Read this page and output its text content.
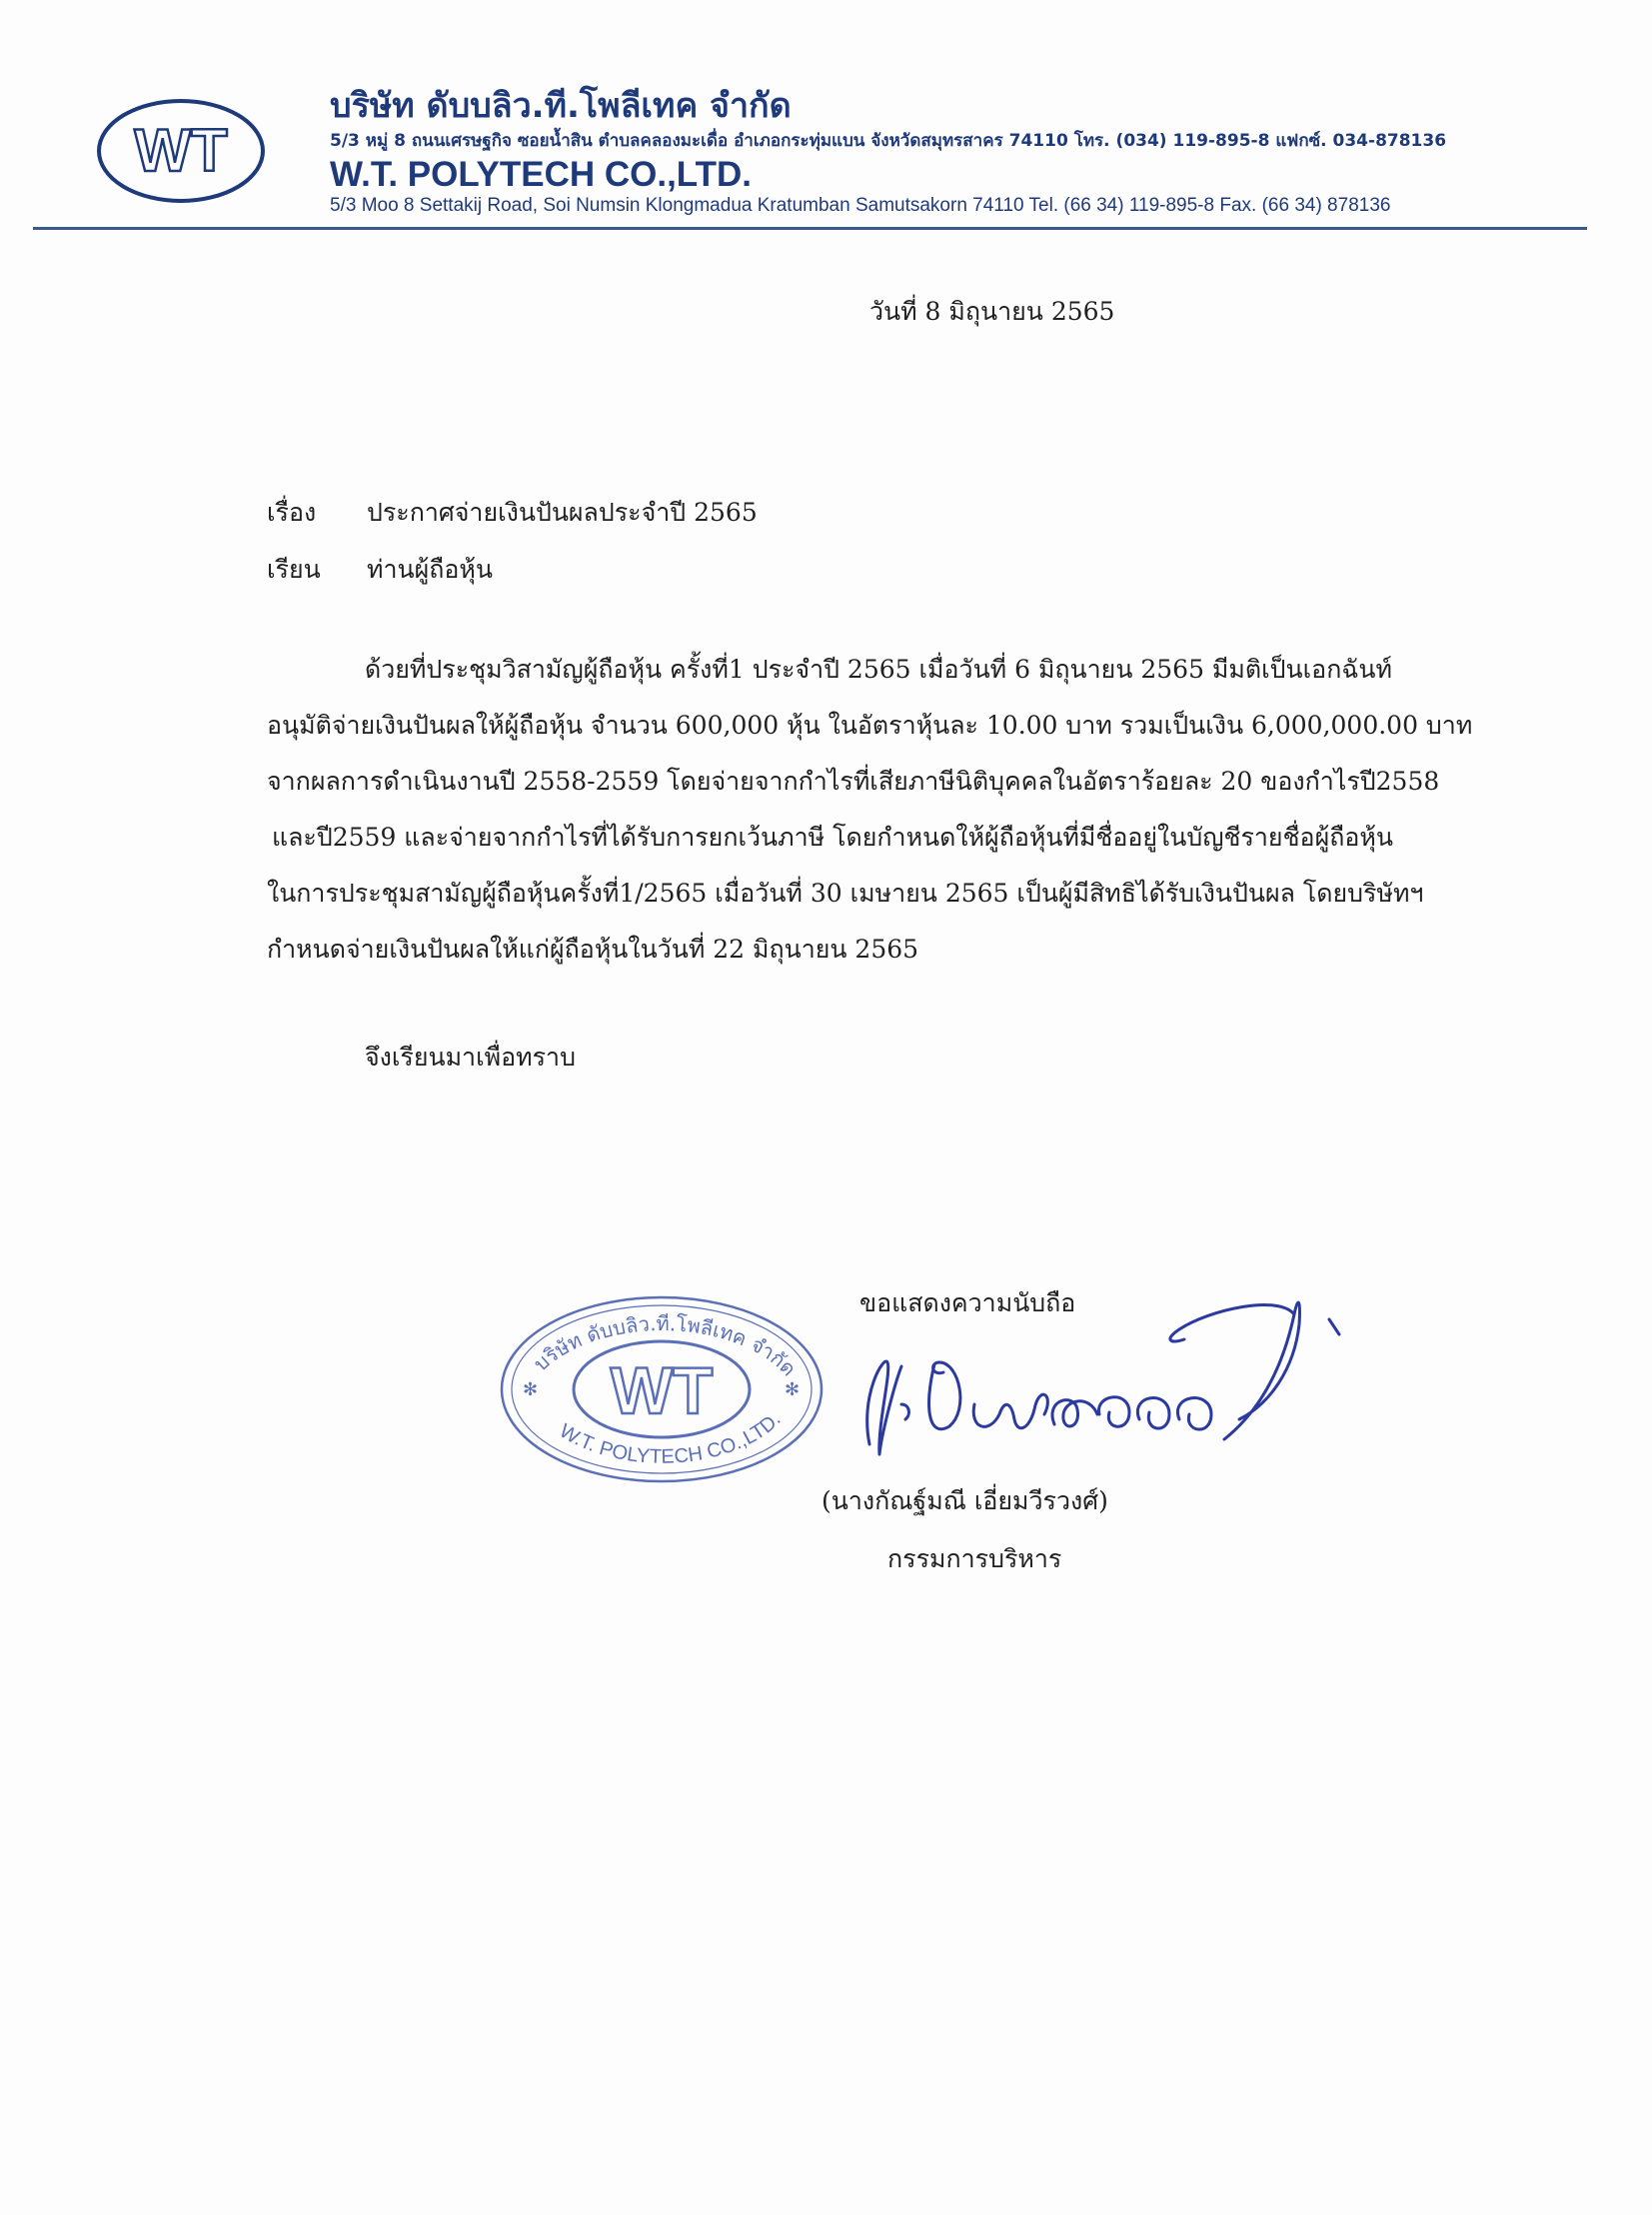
WT
บริษัท ดับบลิว.ที.โพลีเทค จำกัด
5/3 หมู่ 8 ถนนเศรษฐกิจ ซอยน้ำสิน ตำบลคลองมะเดื่อ อำเภอกระทุ่มแบน จังหวัดสมุทรสาคร 74110 โทร. (034) 119-895-8 แฟกซ์. 034-878136
W.T. POLYTECH CO.,LTD.
5/3 Moo 8 Settakij Road, Soi Numsin Klongmadua Kratumban Samutsakorn 74110 Tel. (66 34) 119-895-8 Fax. (66 34) 878136
วันที่ 8 มิถุนายน 2565
เรื่อง ประกาศจ่ายเงินปันผลประจำปี 2565
เรียน ท่านผู้ถือหุ้น
ด้วยที่ประชุมวิสามัญผู้ถือหุ้น ครั้งที่1 ประจำปี 2565 เมื่อวันที่ 6 มิถุนายน 2565 มีมติเป็นเอกฉันท์
อนุมัติจ่ายเงินปันผลให้ผู้ถือหุ้น จำนวน 600,000 หุ้น ในอัตราหุ้นละ 10.00 บาท รวมเป็นเงิน 6,000,000.00 บาท
จากผลการดำเนินงานปี 2558-2559 โดยจ่ายจากกำไรที่เสียภาษีนิติบุคคลในอัตราร้อยละ 20 ของกำไรปี2558
และปี2559 และจ่ายจากกำไรที่ได้รับการยกเว้นภาษี โดยกำหนดให้ผู้ถือหุ้นที่มีชื่ออยู่ในบัญชีรายชื่อผู้ถือหุ้น
ในการประชุมสามัญผู้ถือหุ้นครั้งที่1/2565 เมื่อวันที่ 30 เมษายน 2565 เป็นผู้มีสิทธิได้รับเงินปันผล โดยบริษัทฯ
กำหนดจ่ายเงินปันผลให้แก่ผู้ถือหุ้นในวันที่ 22 มิถุนายน 2565
จึงเรียนมาเพื่อทราบ
ขอแสดงความนับถือ
บริษัท ดับบลิว.ที.โพลีเทค จำกัด
W.T. POLYTECH CO.,LTD.
WT
✻	✻
(นางกัณฐ์มณี เอี่ยมวีรวงศ์)
กรรมการบริหาร
